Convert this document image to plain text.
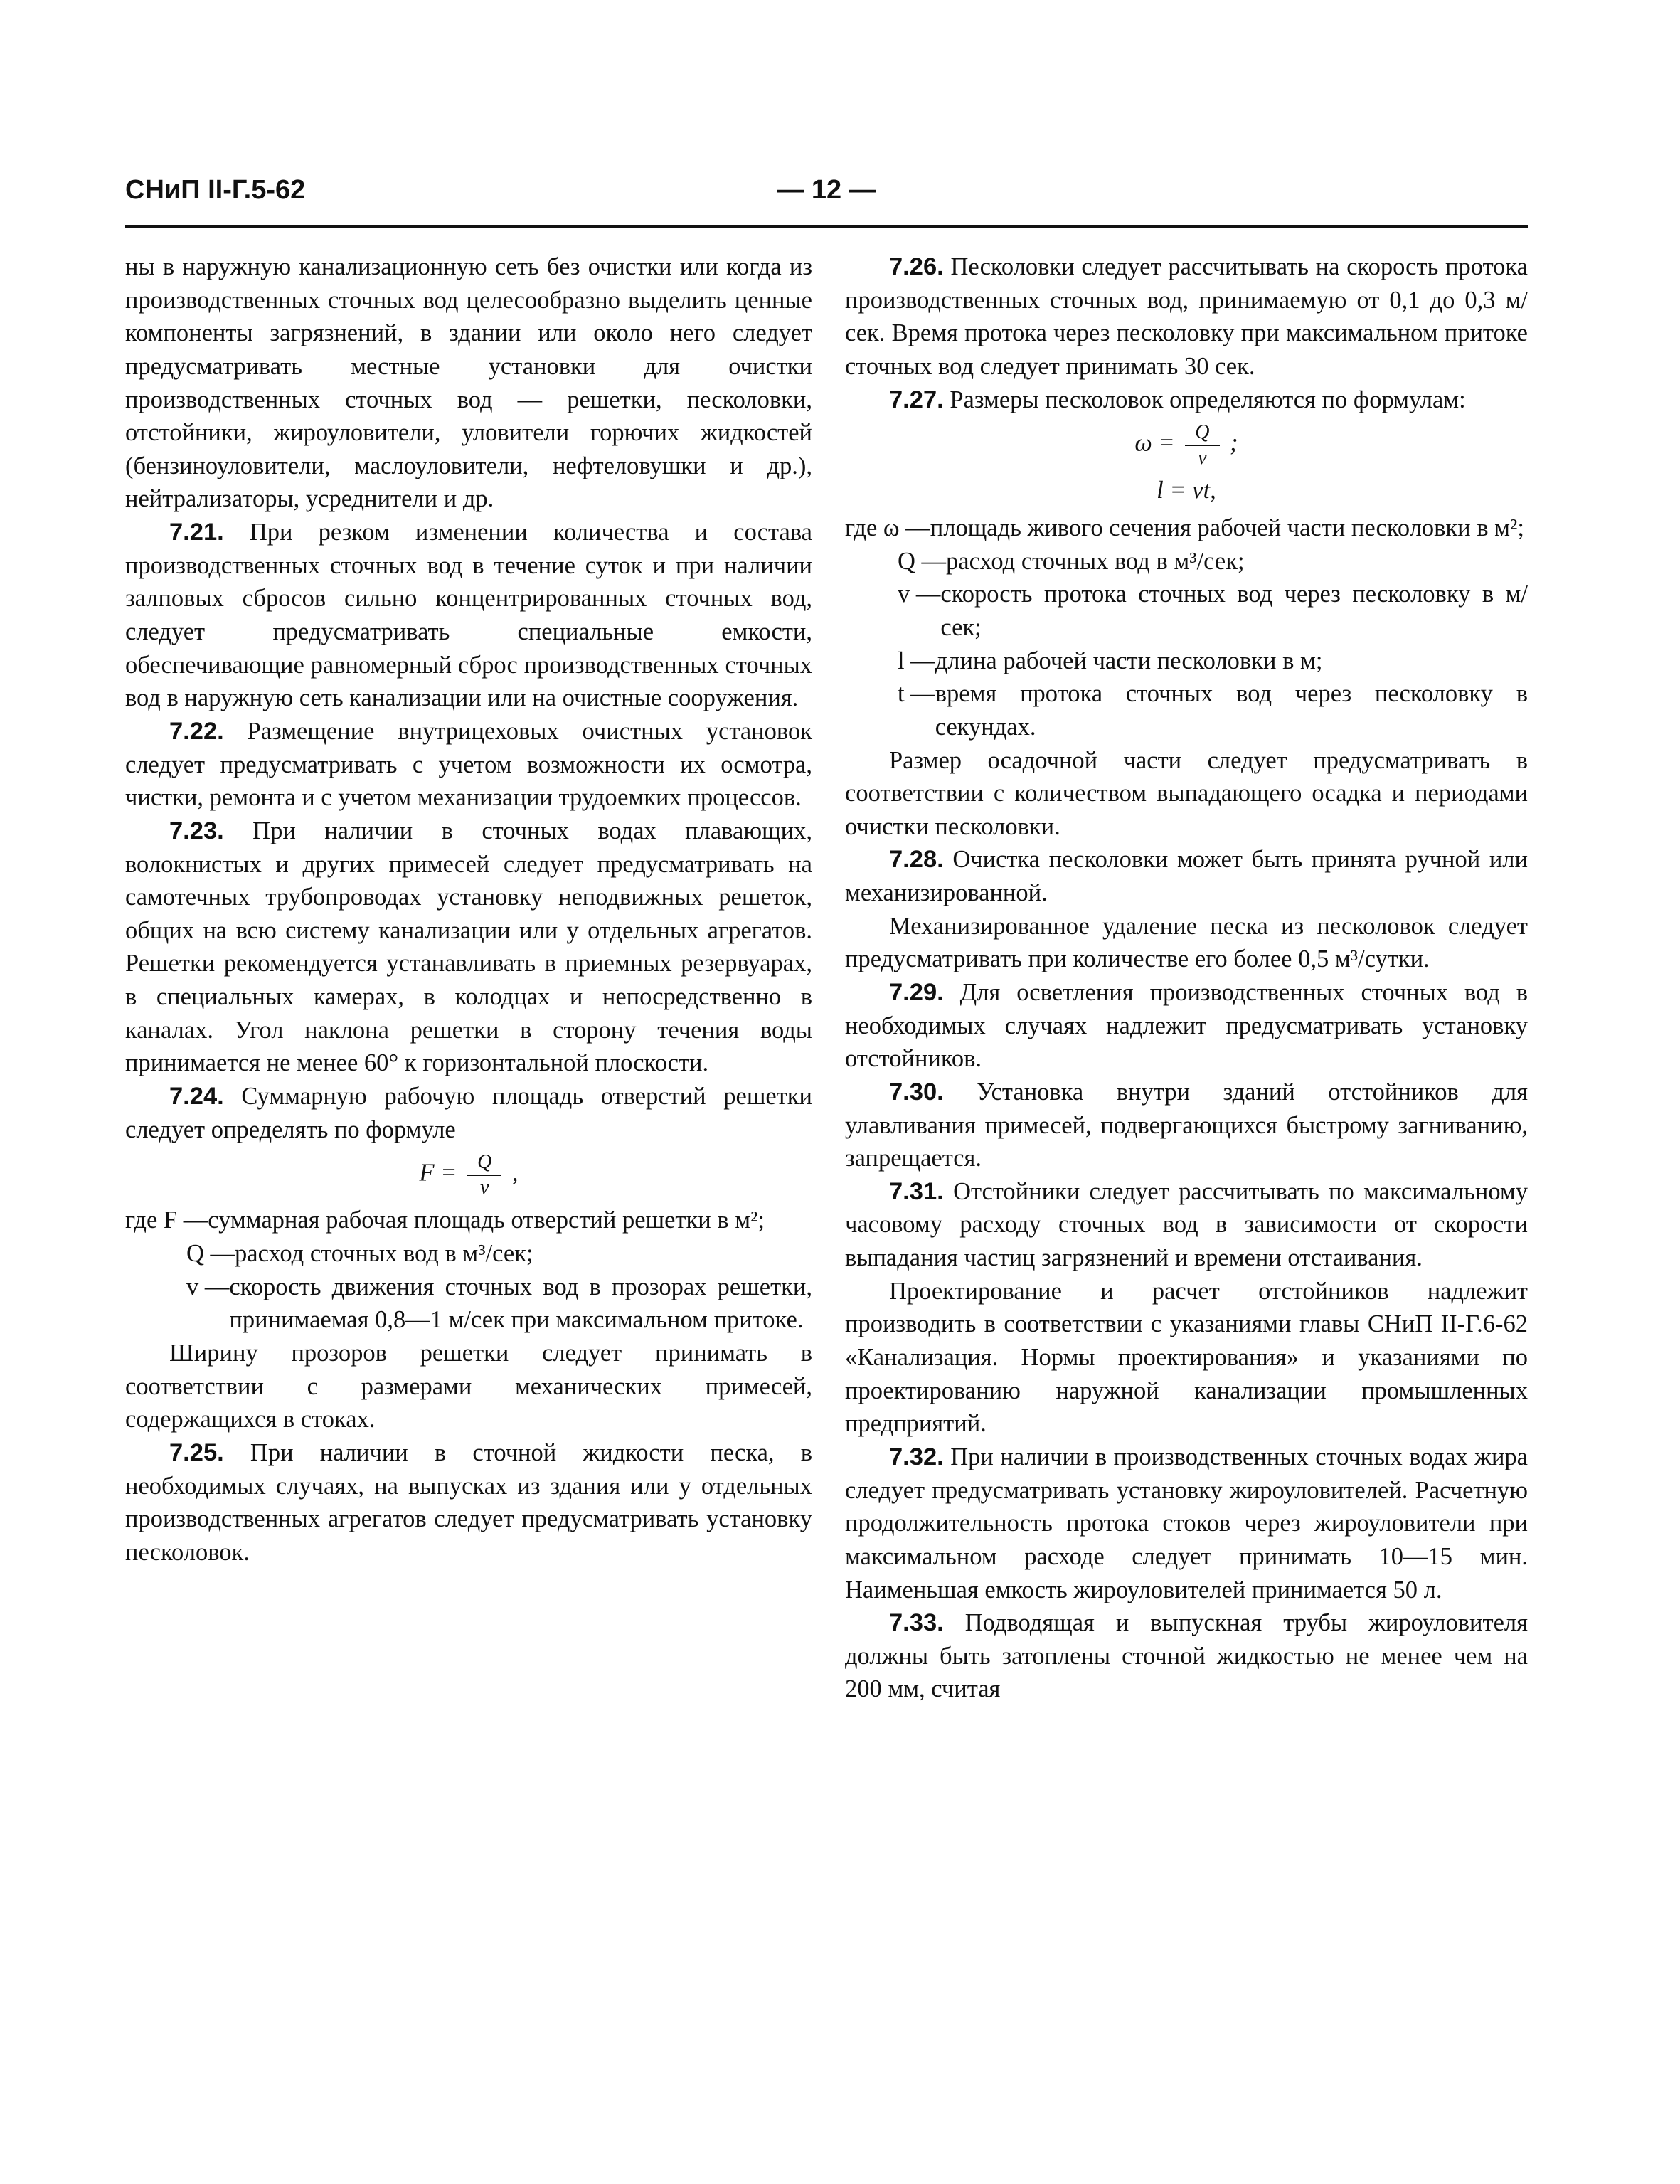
СНиП II-Г.5-62	— 12 —

ны в наружную канализационную сеть без очистки или когда из производственных сточных вод целесообразно выделить ценные компоненты загрязнений, в здании или около него следует предусматривать местные установки для очистки производственных сточных вод — решетки, песколовки, отстойники, жироуловители, уловители горючих жидкостей (бензиноуловители, маслоуловители, нефтеловушки и др.), нейтрализаторы, усреднители и др.

7.21. При резком изменении количества и состава производственных сточных вод в течение суток и при наличии залповых сбросов сильно концентрированных сточных вод, следует предусматривать специальные емкости, обеспечивающие равномерный сброс производственных сточных вод в наружную сеть канализации или на очистные сооружения.

7.22. Размещение внутрицеховых очистных установок следует предусматривать с учетом возможности их осмотра, чистки, ремонта и с учетом механизации трудоемких процессов.

7.23. При наличии в сточных водах плавающих, волокнистых и других примесей следует предусматривать на самотечных трубопроводах установку неподвижных решеток, общих на всю систему канализации или у отдельных агрегатов. Решетки рекомендуется устанавливать в приемных резервуарах, в специальных камерах, в колодцах и непосредственно в каналах. Угол наклона решетки в сторону течения воды принимается не менее 60° к горизонтальной плоскости.

7.24. Суммарную рабочую площадь отверстий решетки следует определять по формуле

$F = \frac{Q}{v}$ ,
где F — суммарная рабочая площадь отверстий решетки в м²;
Q — расход сточных вод в м³/сек;
v — скорость движения сточных вод в прозорах решетки, принимаемая 0,8—1 м/сек при максимальном притоке.

Ширину прозоров решетки следует принимать в соответствии с размерами механических примесей, содержащихся в стоках.

7.25. При наличии в сточной жидкости песка, в необходимых случаях, на выпусках из здания или у отдельных производственных агрегатов следует предусматривать установку песколовок.

7.26. Песколовки следует рассчитывать на скорость протока производственных сточных вод, принимаемую от 0,1 до 0,3 м/сек. Время протока через песколовку при максимальном притоке сточных вод следует принимать 30 сек.

7.27. Размеры песколовок определяются по формулам:

$\omega = \frac{Q}{v}$ ;
l = vt,
где ω — площадь живого сечения рабочей части песколовки в м²;
Q — расход сточных вод в м³/сек;
v — скорость протока сточных вод через песколовку в м/сек;
l — длина рабочей части песколовки в м;
t — время протока сточных вод через песколовку в секундах.

Размер осадочной части следует предусматривать в соответствии с количеством выпадающего осадка и периодами очистки песколовки.

7.28. Очистка песколовки может быть принята ручной или механизированной.

Механизированное удаление песка из песколовок следует предусматривать при количестве его более 0,5 м³/сутки.

7.29. Для осветления производственных сточных вод в необходимых случаях надлежит предусматривать установку отстойников.

7.30. Установка внутри зданий отстойников для улавливания примесей, подвергающихся быстрому загниванию, запрещается.

7.31. Отстойники следует рассчитывать по максимальному часовому расходу сточных вод в зависимости от скорости выпадания частиц загрязнений и времени отстаивания.

Проектирование и расчет отстойников надлежит производить в соответствии с указаниями главы СНиП II-Г.6-62 «Канализация. Нормы проектирования» и указаниями по проектированию наружной канализации промышленных предприятий.

7.32. При наличии в производственных сточных водах жира следует предусматривать установку жироуловителей. Расчетную продолжительность протока стоков через жироуловители при максимальном расходе следует принимать 10—15 мин. Наименьшая емкость жироуловителей принимается 50 л.

7.33. Подводящая и выпускная трубы жироуловителя должны быть затоплены сточной жидкостью не менее чем на 200 мм, считая
